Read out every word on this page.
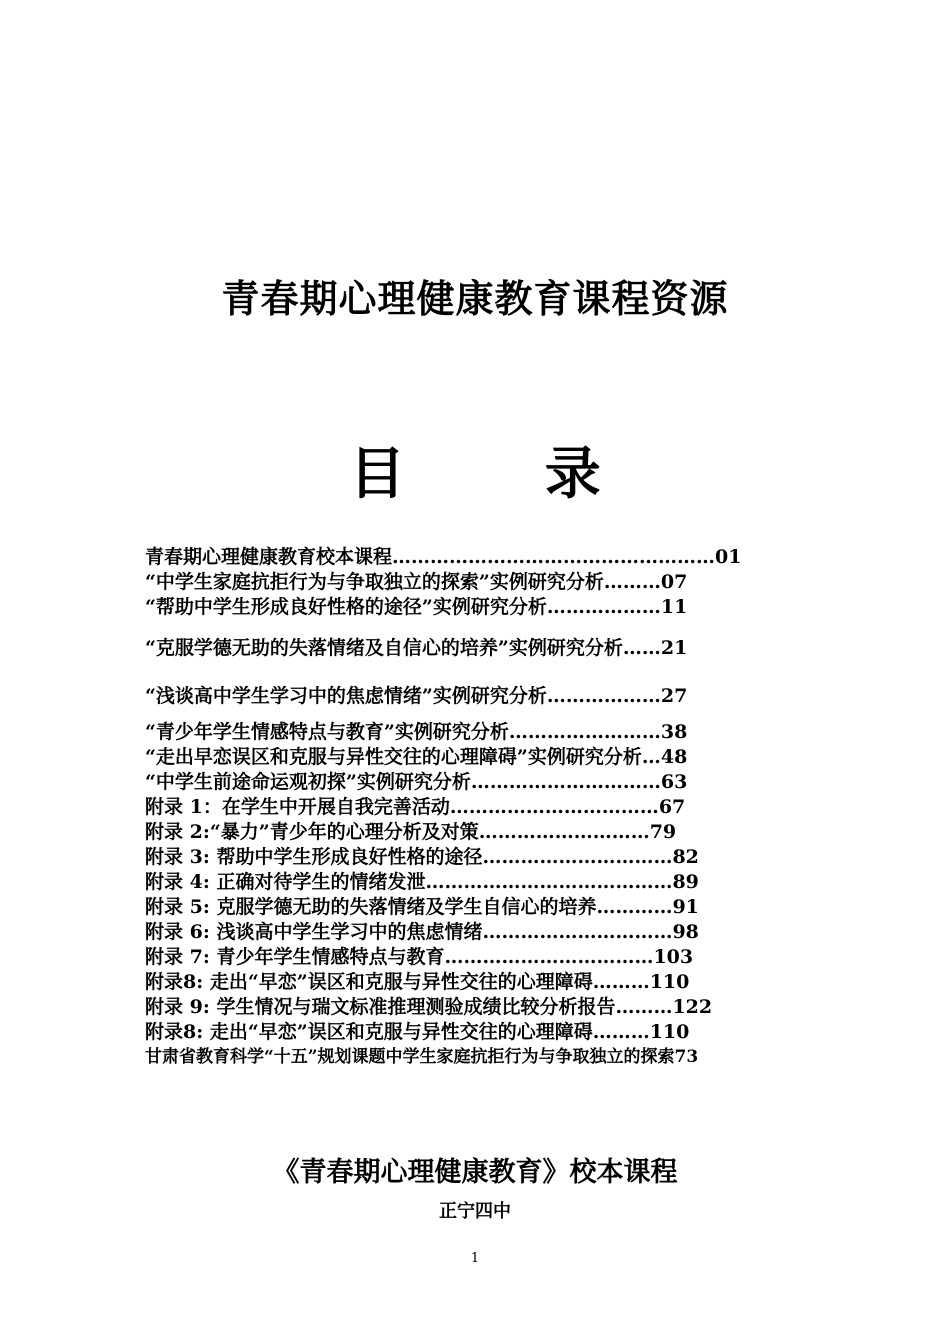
青春期心理健康教育课程资源
目 录
青春期心理健康教育校本课程……………………………………………01
“中学生家庭抗拒行为与争取独立的探索”实例研究分析………07
“帮助中学生形成良好性格的途径”实例研究分析………………11
“克服学德无助的失落情绪及自信心的培养”实例研究分析……21
“浅谈高中学生学习中的焦虑情绪”实例研究分析………………27
“青少年学生情感特点与教育”实例研究分析……………………38
“走出早恋误区和克服与异性交往的心理障碍”实例研究分析…48
“中学生前途命运观初探”实例研究分析…………………………63
附录 1：在学生中开展自我完善活动……………………………67
附录 2:“暴力”青少年的心理分析及对策………………………79
附录 3: 帮助中学生形成良好性格的途径…………………………82
附录 4: 正确对待学生的情绪发泄…………………………………89
附录 5: 克服学德无助的失落情绪及学生自信心的培养…………91
附录 6: 浅谈高中学生学习中的焦虑情绪…………………………98
附录 7: 青少年学生情感特点与教育……………………………103
附录8: 走出“早恋”误区和克服与异性交往的心理障碍………110
附录 9: 学生情况与瑞文标准推理测验成绩比较分析报告………122
附录8: 走出“早恋”误区和克服与异性交往的心理障碍………110
甘肃省教育科学“十五”规划课题中学生家庭抗拒行为与争取独立的探索73
《青春期心理健康教育》校本课程
正宁四中
1
